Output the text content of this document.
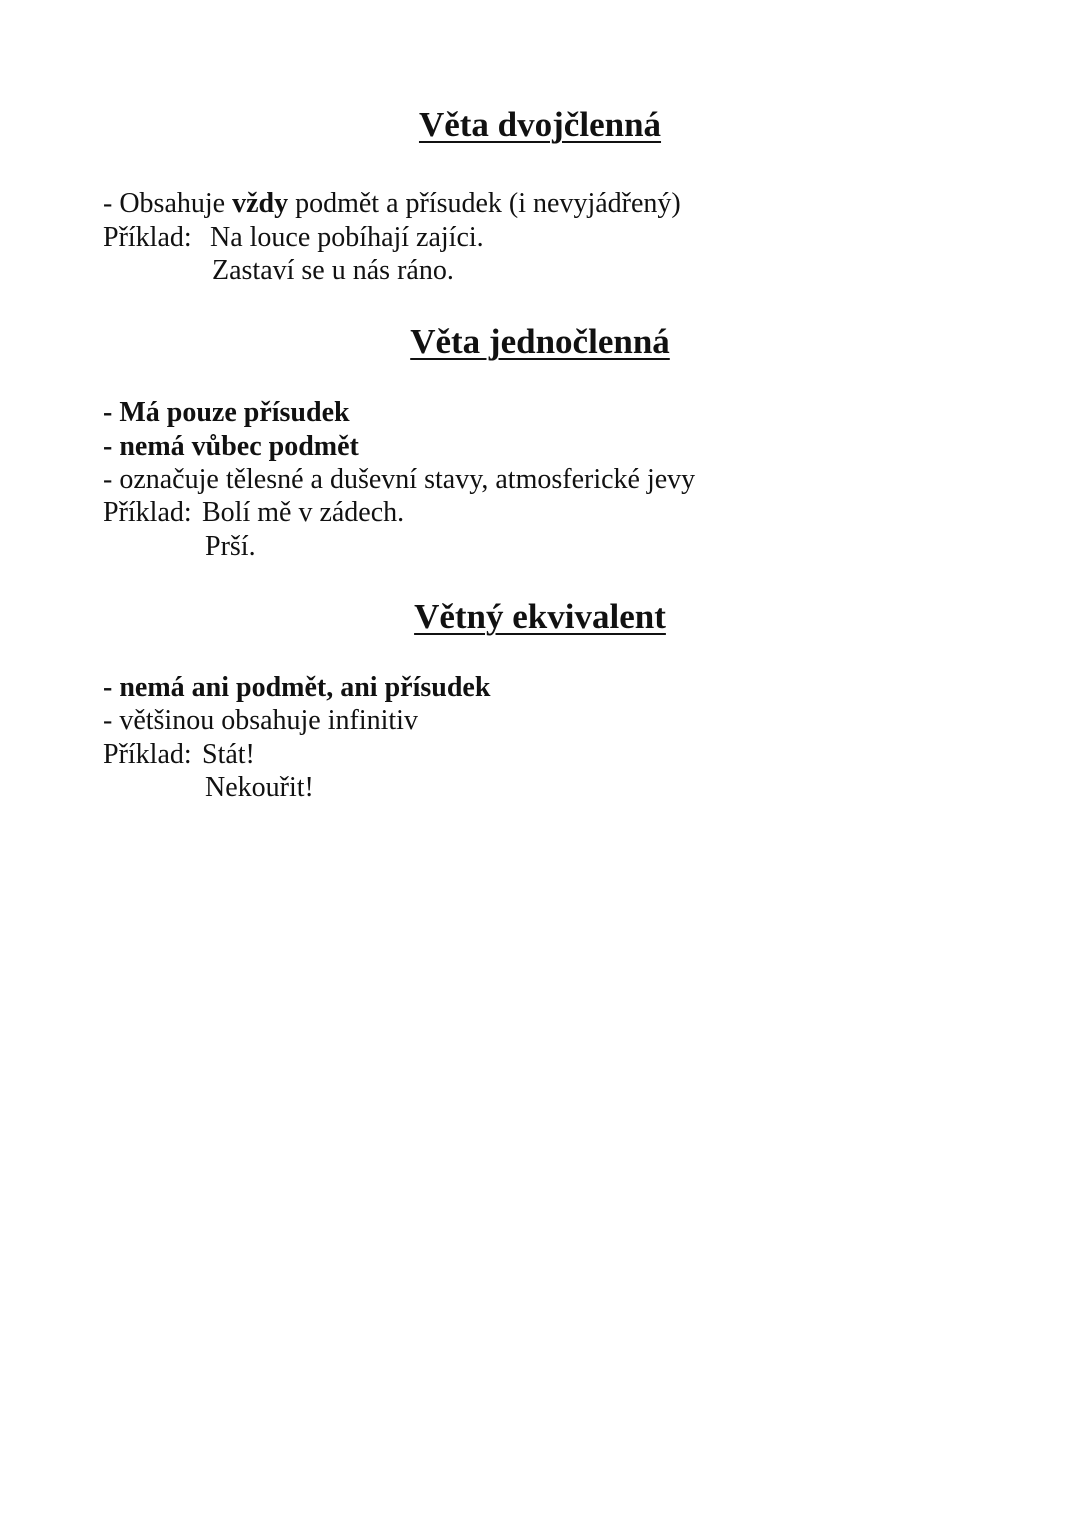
Věta dvojčlenná
- Obsahuje vždy podmět a přísudek (i nevyjádřený)
Příklad: Na louce pobíhají zajíci.
Zastaví se u nás ráno.
Věta jednočlenná
- Má pouze přísudek
- nemá vůbec podmět
- označuje tělesné a duševní stavy, atmosferické jevy
Příklad: Bolí mě v zádech.
Prší.
Větný ekvivalent
- nemá ani podmět, ani přísudek
- většinou obsahuje infinitiv
Příklad: Stát!
Nekouřit!
